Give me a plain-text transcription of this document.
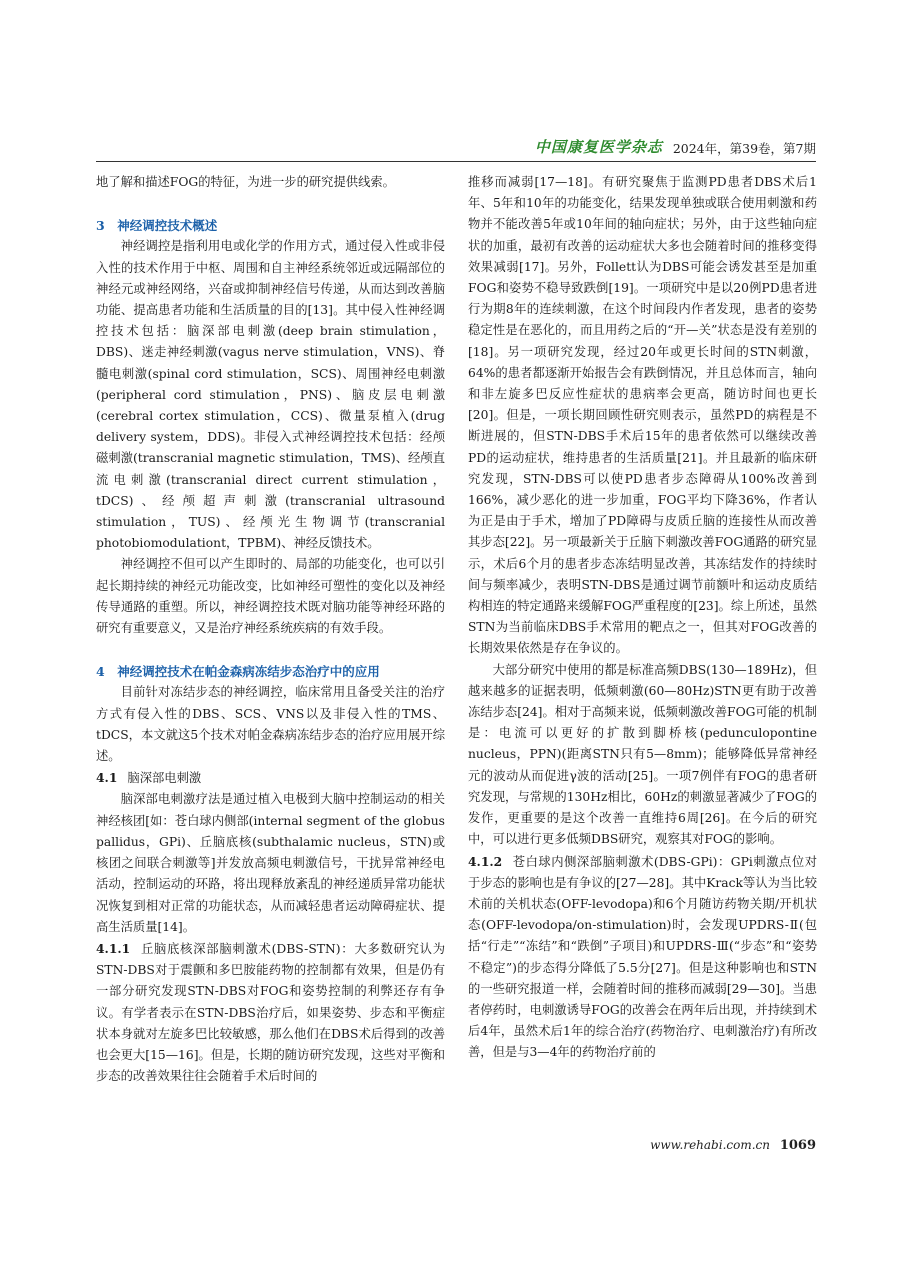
中国康复医学杂志 2024年，第39卷，第7期

地了解和描述FOG的特征，为进一步的研究提供线索。

3　神经调控技术概述

神经调控是指利用电或化学的作用方式，通过侵入性或非侵入性的技术作用于中枢、周围和自主神经系统邻近或远隔部位的神经元或神经网络，兴奋或抑制神经信号传递，从而达到改善脑功能、提高患者功能和生活质量的目的[13]。其中侵入性神经调控技术包括：脑深部电刺激(deep brain stimulation，DBS)、迷走神经刺激(vagus nerve stimulation，VNS)、脊髓电刺激(spinal cord stimulation，SCS)、周围神经电刺激(peripheral cord stimulation，PNS)、脑皮层电刺激(cerebral cortex stimulation，CCS)、微量泵植入(drug delivery system，DDS)。非侵入式神经调控技术包括：经颅磁刺激(transcranial magnetic stimulation，TMS)、经颅直流电刺激(transcranial direct current stimulation，tDCS)、经颅超声刺激(transcranial ultrasound stimulation，TUS)、经颅光生物调节(transcranial photobiomodulationt，TPBM)、神经反馈技术。

神经调控不但可以产生即时的、局部的功能变化，也可以引起长期持续的神经元功能改变，比如神经可塑性的变化以及神经传导通路的重塑。所以，神经调控技术既对脑功能等神经环路的研究有重要意义，又是治疗神经系统疾病的有效手段。

4　神经调控技术在帕金森病冻结步态治疗中的应用

目前针对冻结步态的神经调控，临床常用且备受关注的治疗方式有侵入性的DBS、SCS、VNS以及非侵入性的TMS、tDCS，本文就这5个技术对帕金森病冻结步态的治疗应用展开综述。

4.1 脑深部电刺激

脑深部电刺激疗法是通过植入电极到大脑中控制运动的相关神经核团[如：苍白球内侧部(internal segment of the globus pallidus，GPi)、丘脑底核(subthalamic nucleus，STN)或核团之间联合刺激等]并发放高频电刺激信号，干扰异常神经电活动，控制运动的环路，将出现释放紊乱的神经递质异常功能状况恢复到相对正常的功能状态，从而减轻患者运动障碍症状、提高生活质量[14]。

4.1.1 丘脑底核深部脑刺激术(DBS-STN)：大多数研究认为STN-DBS对于震颤和多巴胺能药物的控制都有效果，但是仍有一部分研究发现STN-DBS对FOG和姿势控制的利弊还存有争议。有学者表示在STN-DBS治疗后，如果姿势、步态和平衡症状本身就对左旋多巴比较敏感，那么他们在DBS术后得到的改善也会更大[15—16]。但是，长期的随访研究发现，这些对平衡和步态的改善效果往往会随着手术后时间的

推移而减弱[17—18]。有研究聚焦于监测PD患者DBS术后1年、5年和10年的功能变化，结果发现单独或联合使用刺激和药物并不能改善5年或10年间的轴向症状；另外，由于这些轴向症状的加重，最初有改善的运动症状大多也会随着时间的推移变得效果减弱[17]。另外，Follett认为DBS可能会诱发甚至是加重FOG和姿势不稳导致跌倒[19]。一项研究中是以20例PD患者进行为期8年的连续刺激，在这个时间段内作者发现，患者的姿势稳定性是在恶化的，而且用药之后的“开—关”状态是没有差别的[18]。另一项研究发现，经过20年或更长时间的STN刺激，64%的患者都逐渐开始报告会有跌倒情况，并且总体而言，轴向和非左旋多巴反应性症状的患病率会更高，随访时间也更长[20]。但是，一项长期回顾性研究则表示，虽然PD的病程是不断进展的，但STN-DBS手术后15年的患者依然可以继续改善PD的运动症状，维持患者的生活质量[21]。并且最新的临床研究发现，STN-DBS可以使PD患者步态障碍从100%改善到166%，减少恶化的进一步加重，FOG平均下降36%，作者认为正是由于手术，增加了PD障碍与皮质丘脑的连接性从而改善其步态[22]。另一项最新关于丘脑下刺激改善FOG通路的研究显示，术后6个月的患者步态冻结明显改善，其冻结发作的持续时间与频率减少，表明STN-DBS是通过调节前额叶和运动皮质结构相连的特定通路来缓解FOG严重程度的[23]。综上所述，虽然STN为当前临床DBS手术常用的靶点之一，但其对FOG改善的长期效果依然是存在争议的。

大部分研究中使用的都是标准高频DBS(130—189Hz)，但越来越多的证据表明，低频刺激(60—80Hz)STN更有助于改善冻结步态[24]。相对于高频来说，低频刺激改善FOG可能的机制是：电流可以更好的扩散到脚桥核(pedunculopontine nucleus，PPN)(距离STN只有5—8mm)；能够降低异常神经元的波动从而促进γ波的活动[25]。一项7例伴有FOG的患者研究发现，与常规的130Hz相比，60Hz的刺激显著减少了FOG的发作，更重要的是这个改善一直维持6周[26]。在今后的研究中，可以进行更多低频DBS研究，观察其对FOG的影响。

4.1.2 苍白球内侧深部脑刺激术(DBS-GPi)：GPi刺激点位对于步态的影响也是有争议的[27—28]。其中Krack等认为当比较术前的关机状态(OFF-levodopa)和6个月随访药物关期/开机状态(OFF-levodopa/on-stimulation)时，会发现UPDRS-Ⅱ(包括“行走”“冻结”和“跌倒”子项目)和UPDRS-Ⅲ(“步态”和“姿势不稳定”)的步态得分降低了5.5分[27]。但是这种影响也和STN的一些研究报道一样，会随着时间的推移而减弱[29—30]。当患者停药时，电刺激诱导FOG的改善会在两年后出现，并持续到术后4年，虽然术后1年的综合治疗(药物治疗、电刺激治疗)有所改善，但是与3—4年的药物治疗前的

www.rehabi.com.cn 1069
